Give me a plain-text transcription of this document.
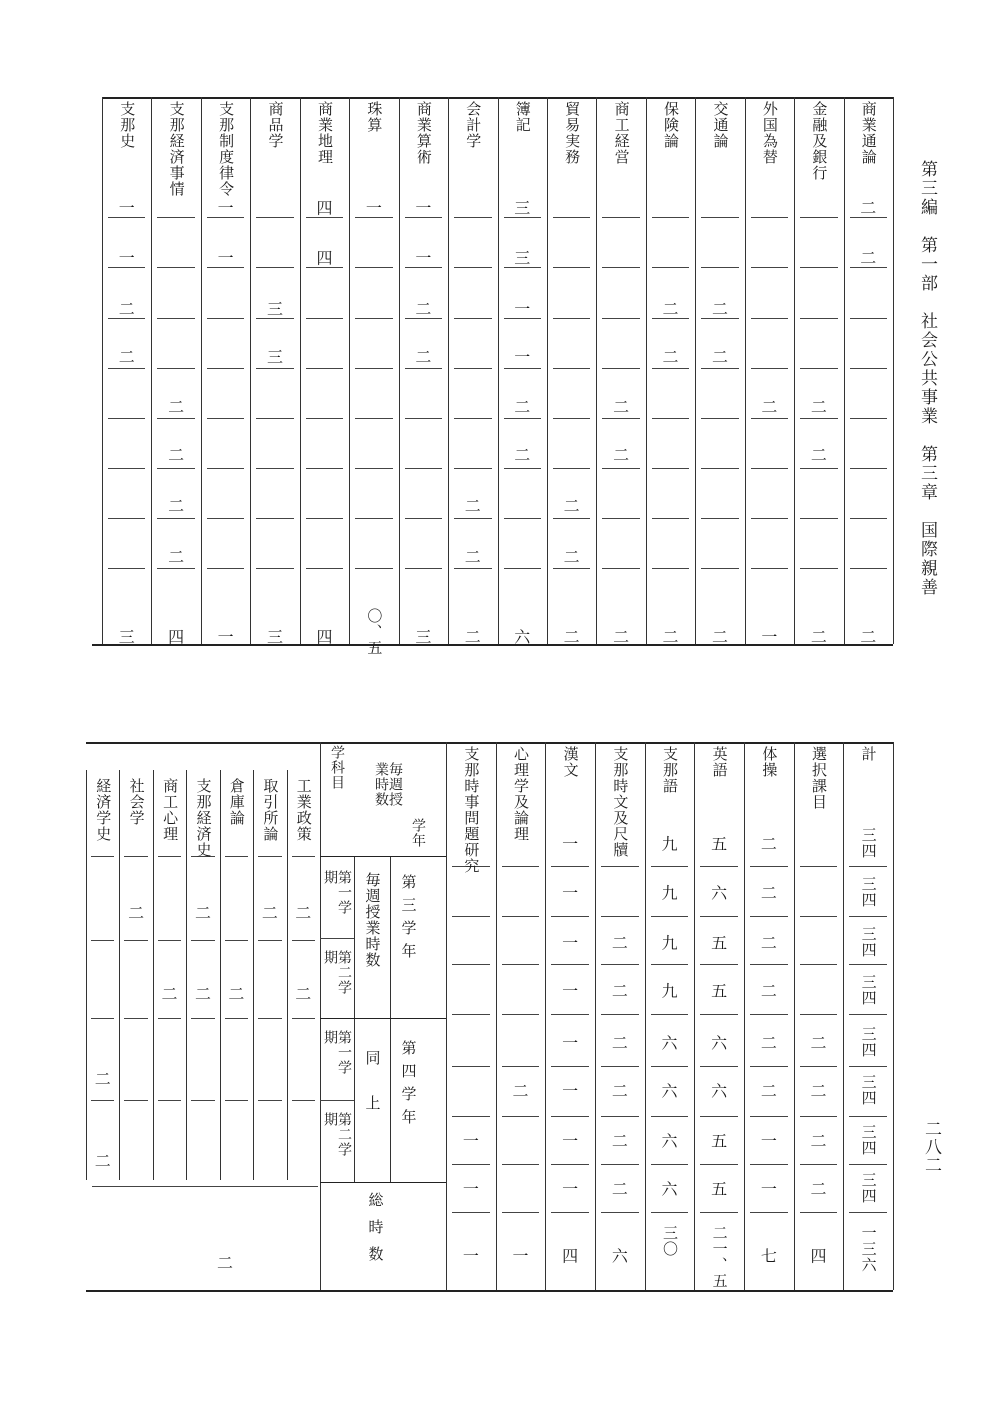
第三編　第一部　社会公共事業　第三章　国際親善
二八二
商業通論
二
二
二
金融及銀行
二
二
二
外国為替
二
一
交通論
二
二
二
保険論
二
二
二
商工経営
二
二
二
貿易実務
二
二
二
簿記
三
三
一
一
二
二
六
会計学
二
二
二
商業算術
一
一
二
二
三
珠算
一
〇、五
商業地理
四
四
四
商品学
三
三
三
支那制度律令
一
一
一
支那経済事情
二
二
二
二
四
支那史
一
一
二
二
三
計
三四
三四
三四
三四
三四
三四
三四
三四
一三六
選択課目
二
二
二
二
四
体操
二
二
二
二
二
二
一
一
七
英語
五
六
五
五
六
六
五
五
二一、五
支那語
九
九
九
九
六
六
六
六
三〇
支那時文及尺牘
二
二
二
二
二
二
六
漢文
一
一
一
一
一
一
一
一
四
心理学及論理
二
一
支那時事問題研究
一
一
一
学科目	毎週授業時数
学年
第三学年
第四学年
毎週授業時数
同上
第一学期
第二学期
第一学期
第二学期
総時数
工業政策
二
二
取引所論
二
倉庫論
二
支那経済史
二
二
商工心理
二
社会学
二
経済学史
二
二
二
